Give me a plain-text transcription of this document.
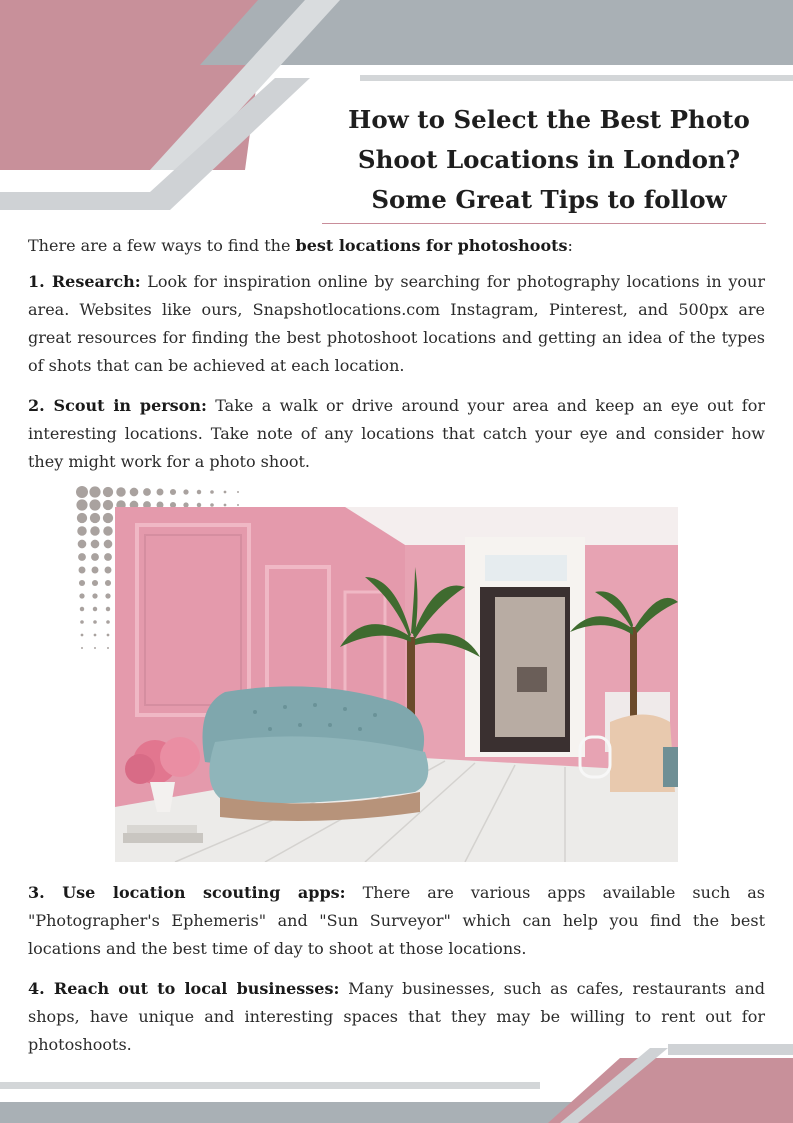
How to Select the Best Photo Shoot Locations in London? Some Great Tips to follow

There are a few ways to find the best locations for photoshoots:

1. Research: Look for inspiration online by searching for photography locations in your area. Websites like ours, Snapshotlocations.com Instagram, Pinterest, and 500px are great resources for finding the best photoshoot locations and getting an idea of the types of shots that can be achieved at each location.

2. Scout in person: Take a walk or drive around your area and keep an eye out for interesting locations. Take note of any locations that catch your eye and consider how they might work for a photo shoot.

3. Use location scouting apps: There are various apps available such as "Photographer's Ephemeris" and "Sun Surveyor" which can help you find the best locations and the best time of day to shoot at those locations.

4. Reach out to local businesses: Many businesses, such as cafes, restaurants and shops, have unique and interesting spaces that they may be willing to rent out for photoshoots.
